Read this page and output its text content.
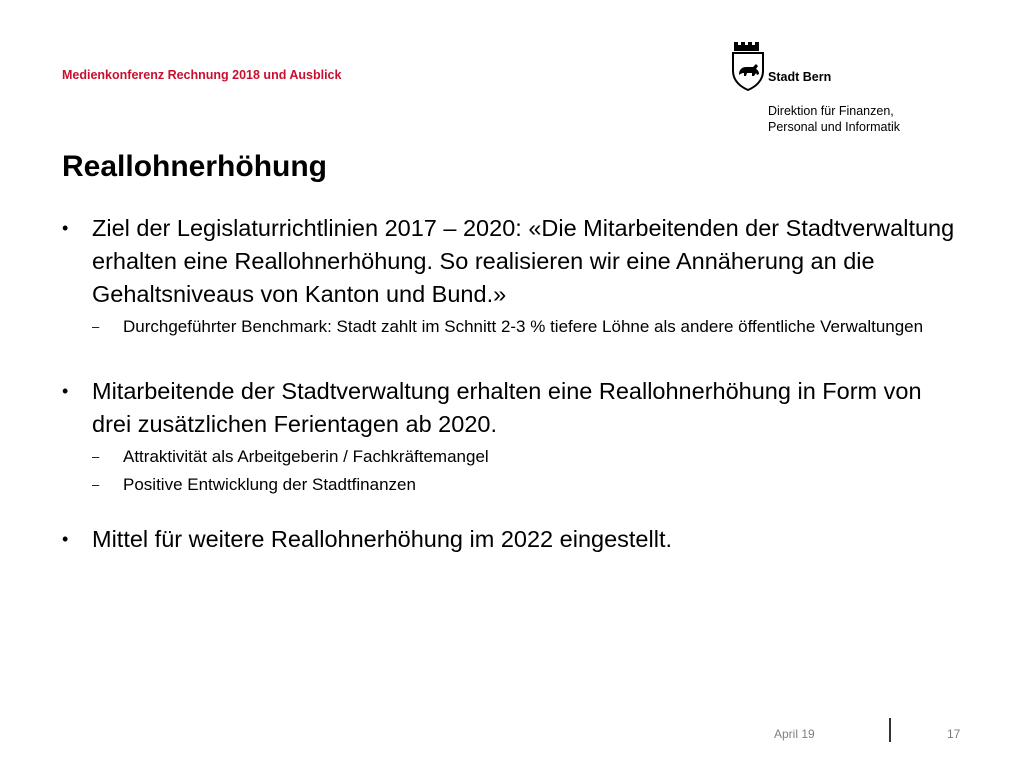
Medienkonferenz Rechnung 2018 und Ausblick	Stadt Bern
Direktion für Finanzen,
Personal und Informatik
Reallohnerhöhung
• Ziel der Legislaturrichtlinien 2017 – 2020: «Die Mitarbeitenden der Stadtverwaltung erhalten eine Reallohnerhöhung. So realisieren wir eine Annäherung an die Gehaltsniveaus von Kanton und Bund.»
– Durchgeführter Benchmark: Stadt zahlt im Schnitt 2-3 % tiefere Löhne als andere öffentliche Verwaltungen
• Mitarbeitende der Stadtverwaltung erhalten eine Reallohnerhöhung in Form von drei zusätzlichen Ferientagen ab 2020.
– Attraktivität als Arbeitgeberin / Fachkräftemangel
– Positive Entwicklung der Stadtfinanzen
• Mittel für weitere Reallohnerhöhung im 2022 eingestellt.
April 19	17
